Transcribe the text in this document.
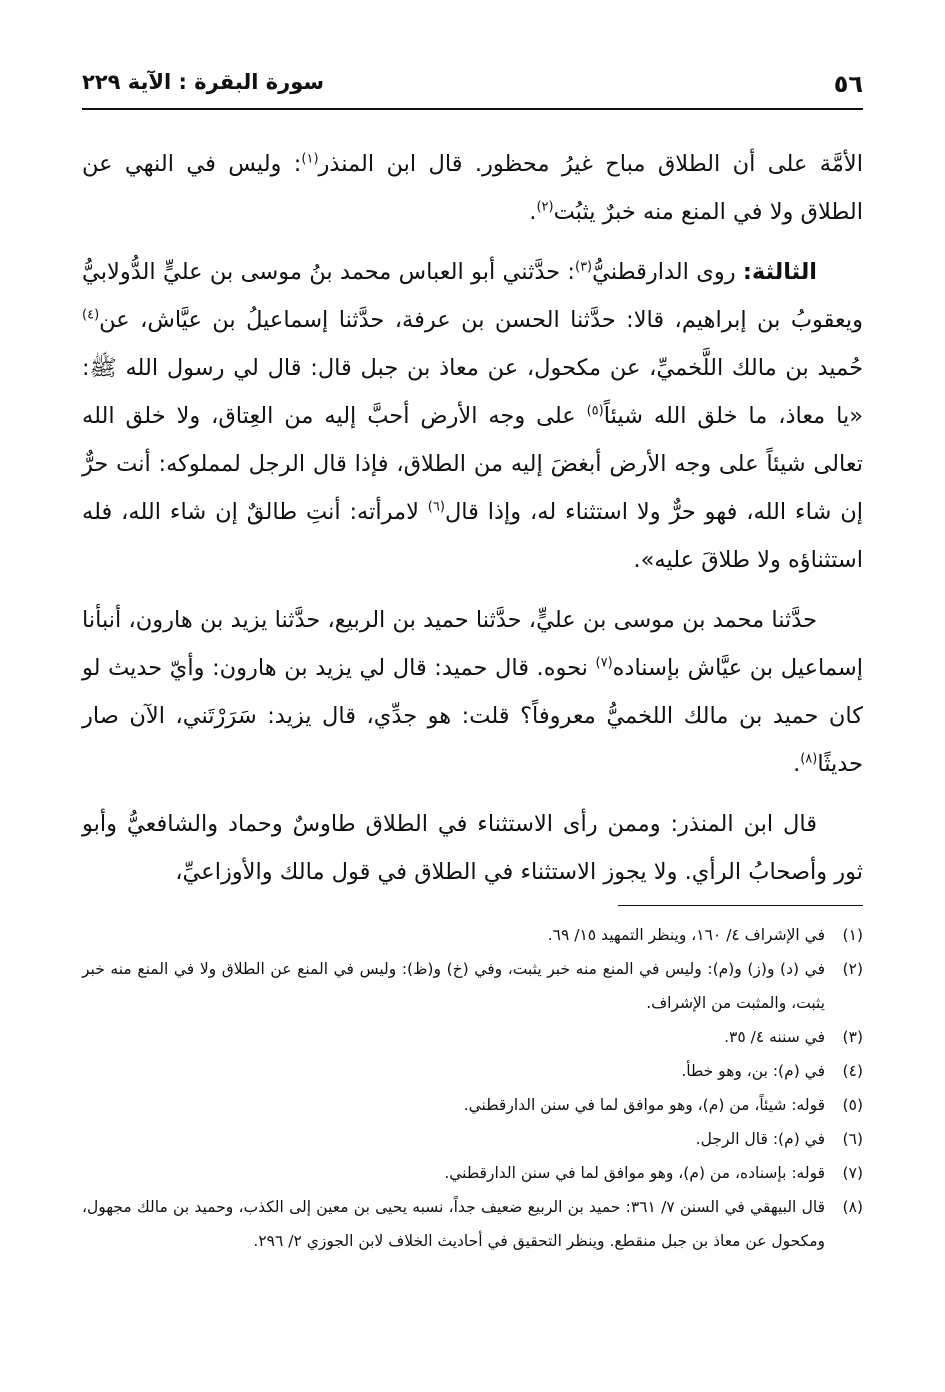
٥٦
سورة البقرة : الآية ٢٢٩

الأمَّة على أن الطلاق مباح غيرُ محظور. قال ابن المنذر$^{(١)}$: وليس في النهي عن الطلاق ولا في المنع منه خبرٌ يثبُت$^{(٢)}$.

الثالثة: روى الدارقطنيُّ$^{(٣)}$: حدَّثني أبو العباس محمد بنُ موسى بن عليٍّ الدُّولابيُّ ويعقوبُ بن إبراهيم، قالا: حدَّثنا الحسن بن عرفة، حدَّثنا إسماعيلُ بن عيَّاش، عن$^{(٤)}$ حُميد بن مالك اللَّخميِّ، عن مكحول، عن معاذ بن جبل قال: قال لي رسول الله ﷺ: «يا معاذ، ما خلق الله شيئاً$^{(٥)}$ على وجه الأرض أحبَّ إليه من العِتاق، ولا خلق الله تعالى شيئاً على وجه الأرض أبغضَ إليه من الطلاق، فإذا قال الرجل لمملوكه: أنت حرٌّ إن شاء الله، فهو حرٌّ ولا استثناء له، وإذا قال$^{(٦)}$ لامرأته: أنتِ طالقٌ إن شاء الله، فله استثناؤه ولا طلاقَ عليه».

حدَّثنا محمد بن موسى بن عليٍّ، حدَّثنا حميد بن الربيع، حدَّثنا يزيد بن هارون، أنبأنا إسماعيل بن عيَّاش بإسناده$^{(٧)}$ نحوه. قال حميد: قال لي يزيد بن هارون: وأيّ حديث لو كان حميد بن مالك اللخميُّ معروفاً؟ قلت: هو جدِّي، قال يزيد: سَرَرْتَني، الآن صار حديثًا$^{(٨)}$.

قال ابن المنذر: وممن رأى الاستثناء في الطلاق طاوسٌ وحماد والشافعيُّ وأبو ثور وأصحابُ الرأي. ولا يجوز الاستثناء في الطلاق في قول مالك والأوزاعيِّ،

(١)
في الإشراف ٤/ ١٦٠، وينظر التمهيد ١٥/ ٦٩.
(٢)
في (د) و(ز) و(م): وليس في المنع منه خبر يثبت، وفي (خ) و(ظ): وليس في المنع عن الطلاق ولا في المنع منه خبر يثبت، والمثبت من الإشراف.
(٣)
في سننه ٤/ ٣٥.
(٤)
في (م): بن، وهو خطأ.
(٥)
قوله: شيئاً، من (م)، وهو موافق لما في سنن الدارقطني.
(٦)
في (م): قال الرجل.
(٧)
قوله: بإسناده، من (م)، وهو موافق لما في سنن الدارقطني.
(٨)
قال البيهقي في السنن ٧/ ٣٦١: حميد بن الربيع ضعيف جداً، نسبه يحيى بن معين إلى الكذب، وحميد بن مالك مجهول، ومكحول عن معاذ بن جبل منقطع. وينظر التحقيق في أحاديث الخلاف لابن الجوزي ٢/ ٢٩٦.
